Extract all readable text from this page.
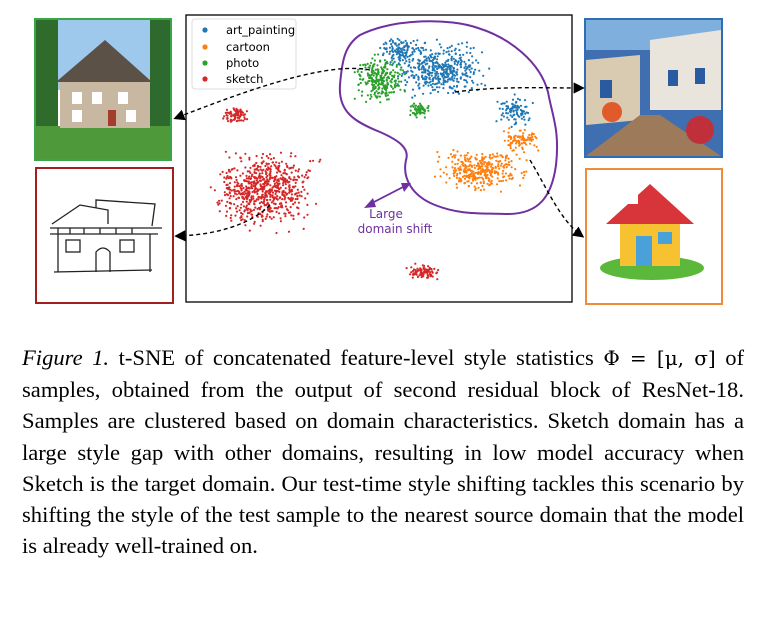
art_painting
cartoon
photo
sketch
Large
domain shift
Figure 1. t-SNE of concatenated feature-level style statistics Φ = [μ, σ] of samples, obtained from the output of second residual block of ResNet-18. Samples are clustered based on domain characteristics. Sketch domain has a large style gap with other domains, resulting in low model accuracy when Sketch is the target domain. Our test-time style shifting tackles this scenario by shifting the style of the test sample to the nearest source domain that the model is already well-trained on.
